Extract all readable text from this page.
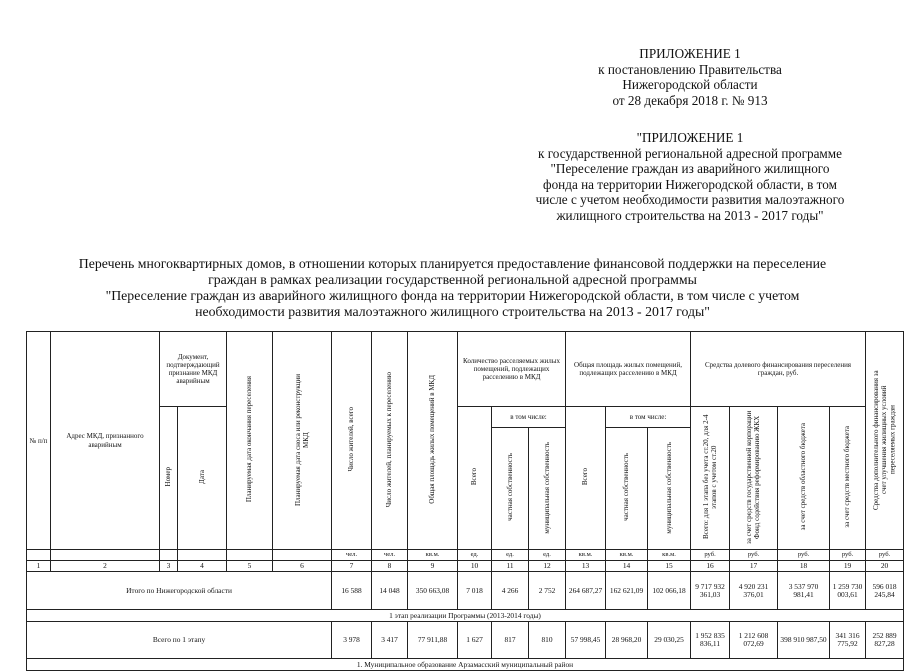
ПРИЛОЖЕНИЕ 1
к постановлению Правительства
Нижегородской области
от 28 декабря 2018 г. № 913
"ПРИЛОЖЕНИЕ 1
к государственной региональной адресной программе
"Переселение граждан из аварийного жилищного
фонда на территории Нижегородской области, в том
числе с учетом необходимости развития малоэтажного
жилищного строительства на 2013 - 2017 годы"
Перечень многоквартирных домов, в отношении которых планируется предоставление финансовой поддержки на переселение
граждан в рамках реализации государственной региональной адресной программы
"Переселение граждан из аварийного жилищного фонда на территории Нижегородской области, в том числе с учетом
необходимости развития малоэтажного жилищного строительства на 2013 - 2017 годы"
№ п/п	Адрес МКД, признанного аварийным	Документ, подтверждающий признание МКД аварийным		Планируемая дата окончания переселения	Планируемая дата сноса или реконструкции МКД	Число жителей, всего	Число жителей, планируемых к переселению	Общая площадь жилых помещений в МКД	Количество расселяемых жилых помещений, подлежащих расселению в МКД			Общая площадь жилых помещений, подлежащих расселению в МКД			Средства долевого финансирования переселения граждан, руб.				Средства дополнительного финансирования за счет улучшения жилищных условий переселяемых граждан
		Номер	Дата						Всего	в том числе:		Всего	в том числе:		Всего: для 1 этапа без учета ст.20, для 2-4 этапов с учетом ст.20	за счет средств государственной корпорации Фонд содействия реформированию ЖКХ	за счет средств областного бюджета	за счет средств местного бюджета	
										частная собственность	муниципальная собственность		частная собственность	муниципальная собственность					
						чел.	чел.	кв.м.	ед.	ед.	ед.	кв.м.	кв.м.	кв.м.	руб.	руб.	руб.	руб.	руб.
1	2	3	4	5	6	7	8	9	10	11	12	13	14	15	16	17	18	19	20
Итого по Нижегородской области						16 588	14 048	350 663,08	7 018	4 266	2 752	264 687,27	162 621,09	102 066,18	9 717 932 361,03	4 920 231 376,01	3 537 970 981,41	1 259 730 003,61	596 018 245,84
1 этап реализации Программы (2013-2014 годы)																			
Всего по 1 этапу						3 978	3 417	77 911,88	1 627	817	810	57 998,45	28 968,20	29 030,25	1 952 835 836,11	1 212 608 072,69	398 910 987,50	341 316 775,92	252 889 827,28
1. Муниципальное образование Арзамасский муниципальный район																			
